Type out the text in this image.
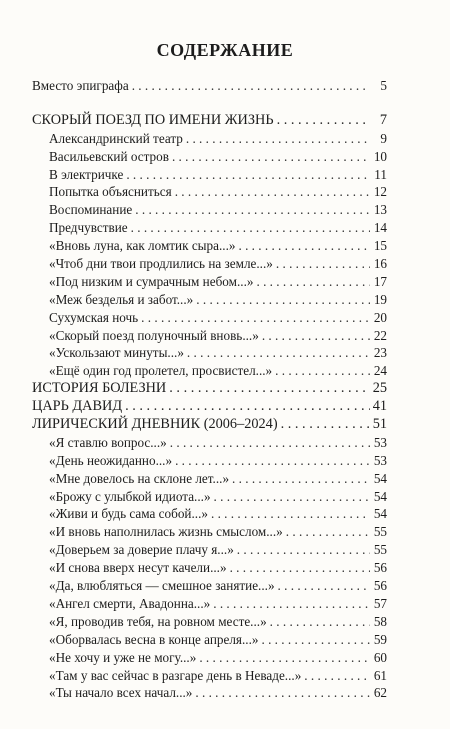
СОДЕРЖАНИЕ
Вместо эпиграфа . . .	5
СКОРЫЙ ПОЕЗД ПО ИМЕНИ ЖИЗНЬ . . .	7
Александринский театр . . .	9
Васильевский остров . . .	10
В электричке . . .	11
Попытка объясниться . . .	12
Воспоминание . . .	13
Предчувствие . . .	14
«Вновь луна, как ломтик сыра...» . . .	15
«Чтоб дни твои продлились на земле...» . . .	16
«Под низким и сумрачным небом...» . . .	17
«Меж безделья и забот...» . . .	19
Сухумская ночь . . .	20
«Скорый поезд полуночный вновь...» . . .	22
«Ускользают минуты...» . . .	23
«Ещё один год пролетел, просвистел...» . . .	24
ИСТОРИЯ БОЛЕЗНИ . . .	25
ЦАРЬ ДАВИД . . .	41
ЛИРИЧЕСКИЙ ДНЕВНИК (2006–2024) . . .	51
«Я ставлю вопрос...» . . .	53
«День неожиданно...» . . .	53
«Мне довелось на склоне лет...» . . .	54
«Брожу с улыбкой идиота...» . . .	54
«Живи и будь сама собой...» . . .	54
«И вновь наполнилась жизнь смыслом...» . . .	55
«Доверьем за доверие плачу я...» . . .	55
«И снова вверх несут качели...» . . .	56
«Да, влюбляться — смешное занятие...» . . .	56
«Ангел смерти, Авадонна...» . . .	57
«Я, проводив тебя, на ровном месте...» . . .	58
«Оборвалась весна в конце апреля...» . . .	59
«Не хочу и уже не могу...» . . .	60
«Там у вас сейчас в разгаре день в Неваде...» . . .	61
«Ты начало всех начал...» . . .	62
